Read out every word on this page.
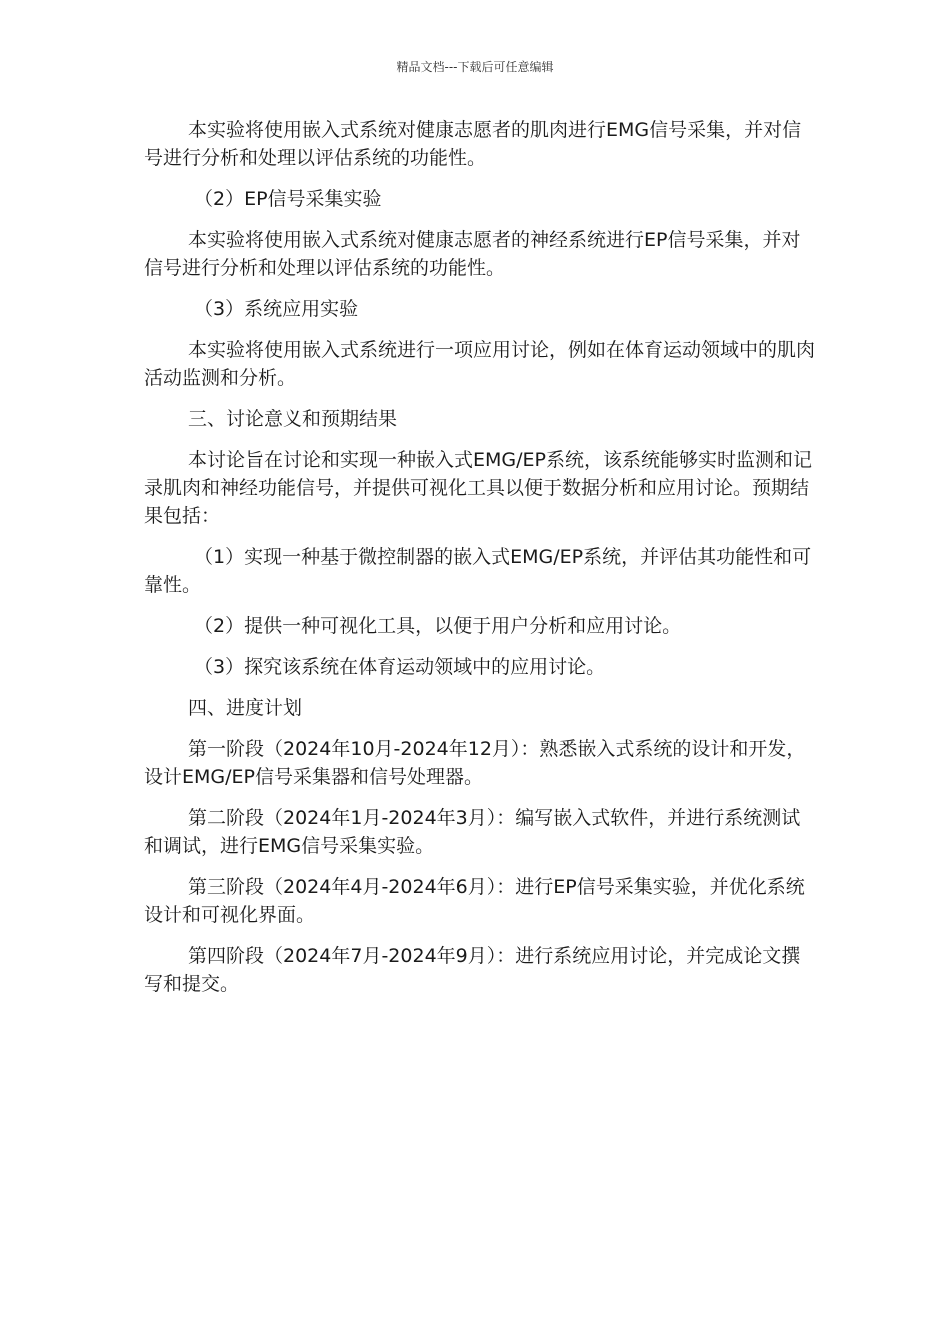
精品文档---下载后可任意编辑

本实验将使用嵌入式系统对健康志愿者的肌肉进行EMG信号采集，并对信号进行分析和处理以评估系统的功能性。

（2）EP信号采集实验

本实验将使用嵌入式系统对健康志愿者的神经系统进行EP信号采集，并对信号进行分析和处理以评估系统的功能性。

（3）系统应用实验

本实验将使用嵌入式系统进行一项应用讨论，例如在体育运动领域中的肌肉活动监测和分析。

三、讨论意义和预期结果

本讨论旨在讨论和实现一种嵌入式EMG/EP系统，该系统能够实时监测和记录肌肉和神经功能信号，并提供可视化工具以便于数据分析和应用讨论。预期结果包括：

（1）实现一种基于微控制器的嵌入式EMG/EP系统，并评估其功能性和可靠性。

（2）提供一种可视化工具，以便于用户分析和应用讨论。

（3）探究该系统在体育运动领域中的应用讨论。

四、进度计划

第一阶段（2024年10月-2024年12月）：熟悉嵌入式系统的设计和开发，设计EMG/EP信号采集器和信号处理器。

第二阶段（2024年1月-2024年3月）：编写嵌入式软件，并进行系统测试和调试，进行EMG信号采集实验。

第三阶段（2024年4月-2024年6月）：进行EP信号采集实验，并优化系统设计和可视化界面。

第四阶段（2024年7月-2024年9月）：进行系统应用讨论，并完成论文撰写和提交。
